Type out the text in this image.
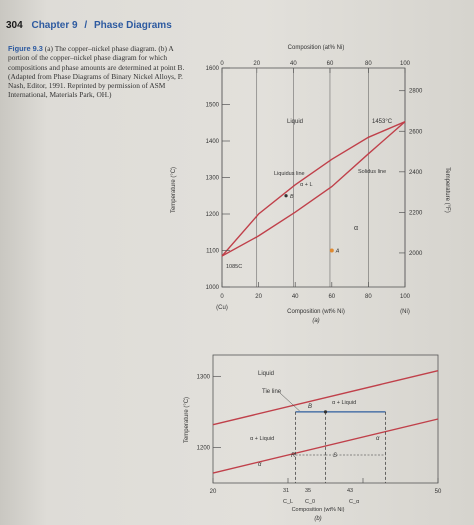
304 Chapter 9 / Phase Diagrams
Figure 9.3 (a) The copper–nickel phase diagram. (b) A portion of the copper–nickel phase diagram for which compositions and phase amounts are determined at point B. (Adapted from Phase Diagrams of Binary Nickel Alloys, P. Nash, Editor, 1991. Reprinted by permission of ASM International, Materials Park, OH.)
0	20	40	60	80	100
0	20	40	60	80	100
1000
1100
1200
1300
1400
1500
1600
2000
2200
2400
2600
2800
Composition (at% Ni)
Temperature (°C)	Temperature (°F)
Composition (wt% Ni)
(a)
(Cu)
(Ni)
Liquid	1453°C
Liquidus line	Solidus line
α + L
1085C
α
A
B
1200
1300
20	50
Temperature (°C)
Liquid
Tie line
α + Liquid
α + Liquid
α
α
B
R	S
C_L C_0	C_α
31	35	43
Composition (wt% Ni)
(b)
